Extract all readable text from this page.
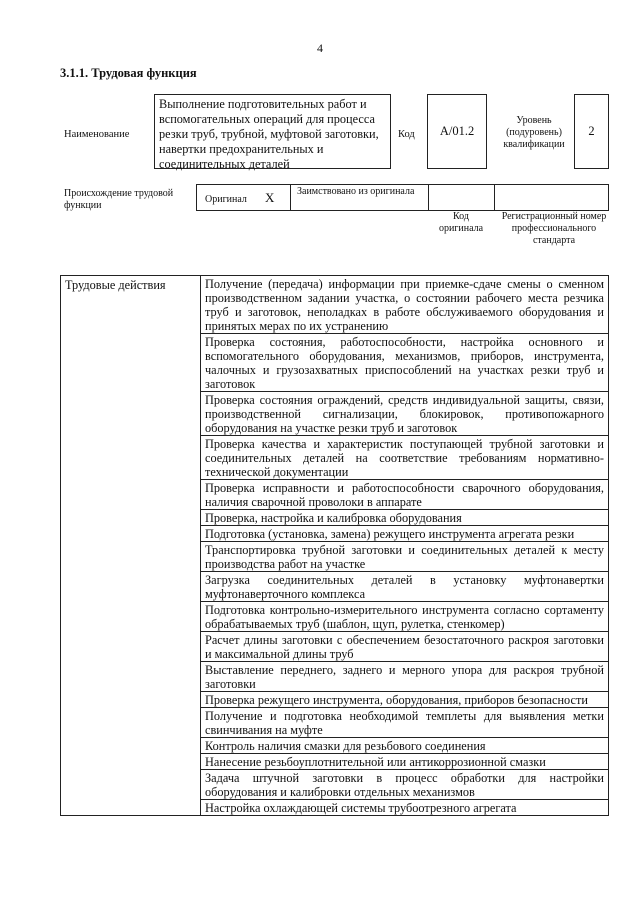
4
3.1.1. Трудовая функция
Наименование
Выполнение подготовительных работ и вспомогательных операций для процесса резки труб, трубной, муфтовой заготовки, навертки предохранительных и соединительных деталей
Код	А/01.2
Уровень (подуровень) квалификации
2
Происхождение трудовой функции
Оригинал X Заимствовано из оригинала
Код оригинала
Регистрационный номер профессионального стандарта
Трудовые действия	Получение (передача) информации при приемке-сдаче смены о сменном производственном задании участка, о состоянии рабочего места резчика труб и заготовок, неполадках в работе обслуживаемого оборудования и принятых мерах по их устранению
Проверка состояния, работоспособности, настройка основного и вспомогательного оборудования, механизмов, приборов, инструмента, чалочных и грузозахватных приспособлений на участках резки труб и заготовок
Проверка состояния ограждений, средств индивидуальной защиты, связи, производственной сигнализации, блокировок, противопожарного оборудования на участке резки труб и заготовок
Проверка качества и характеристик поступающей трубной заготовки и соединительных деталей на соответствие требованиям нормативно-технической документации
Проверка исправности и работоспособности сварочного оборудования, наличия сварочной проволоки в аппарате
Проверка, настройка и калибровка оборудования
Подготовка (установка, замена) режущего инструмента агрегата резки
Транспортировка трубной заготовки и соединительных деталей к месту производства работ на участке
Загрузка соединительных деталей в установку муфтонавертки муфтонаверточного комплекса
Подготовка контрольно-измерительного инструмента согласно сортаменту обрабатываемых труб (шаблон, щуп, рулетка, стенкомер)
Расчет длины заготовки с обеспечением безостаточного раскроя заготовки и максимальной длины труб
Выставление переднего, заднего и мерного упора для раскроя трубной заготовки
Проверка режущего инструмента, оборудования, приборов безопасности
Получение и подготовка необходимой темплеты для выявления метки свинчивания на муфте
Контроль наличия смазки для резьбового соединения
Нанесение резьбоуплотнительной или антикоррозионной смазки
Задача штучной заготовки в процесс обработки для настройки оборудования и калибровки отдельных механизмов
Настройка охлаждающей системы трубоотрезного агрегата
